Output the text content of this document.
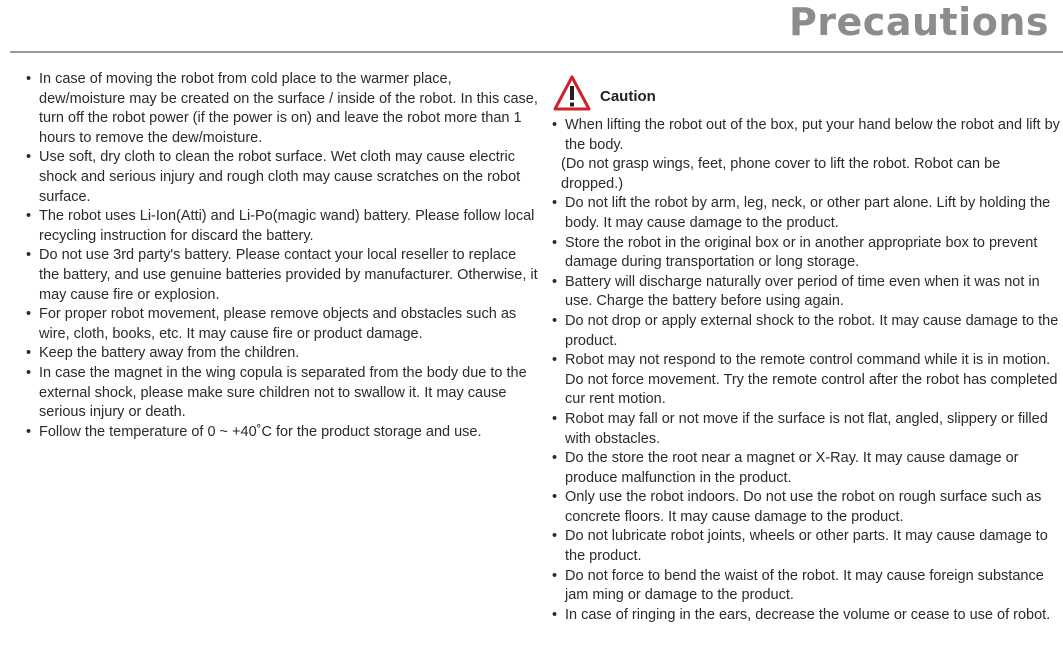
Precautions
• In case of moving the robot from cold place to the warmer place, dew/moisture may be created on the surface / inside of the robot. In this case, turn off the robot power (if the power is on) and leave the robot more than 1 hours to remove the dew/moisture.
• Use soft, dry cloth to clean the robot surface. Wet cloth may cause electric shock and serious injury and rough cloth may cause scratches on the robot surface.
• The robot uses Li-Ion(Atti) and Li-Po(magic wand) battery. Please follow local recycling instruction for discard the battery.
• Do not use 3rd party's battery. Please contact your local reseller to replace the battery, and use genuine batteries provided by manufacturer. Otherwise, it may cause fire or explosion.
• For proper robot movement, please remove objects and obstacles such as wire, cloth, books, etc. It may cause fire or product damage.
• Keep the battery away from the children.
• In case the magnet in the wing copula is separated from the body due to the external shock, please make sure children not to swallow it. It may cause serious injury or death.
• Follow the temperature of 0 ~ +40˚C for the product storage and use.
Caution
• When lifting the robot out of the box, put your hand below the robot and lift by the body.
(Do not grasp wings, feet, phone cover to lift the robot. Robot can be dropped.)
• Do not lift the robot by arm, leg, neck, or other part alone. Lift by holding the body. It may cause damage to the product.
• Store the robot in the original box or in another appropriate box to prevent damage during transportation or long storage.
• Battery will discharge naturally over period of time even when it was not in use. Charge the battery before using again.
• Do not drop or apply external shock to the robot. It may cause damage to the product.
• Robot may not respond to the remote control command while it is in motion. Do not force movement. Try the remote control after the robot has completed cur rent motion.
• Robot may fall or not move if the surface is not flat, angled, slippery or filled with obstacles.
• Do the store the root near a magnet or X-Ray. It may cause damage or produce malfunction in the product.
• Only use the robot indoors. Do not use the robot on rough surface such as concrete floors. It may cause damage to the product.
• Do not lubricate robot joints, wheels or other parts. It may cause damage to the product.
• Do not force to bend the waist of the robot. It may cause foreign substance jam ming or damage to the product.
• In case of ringing in the ears, decrease the volume or cease to use of robot.
